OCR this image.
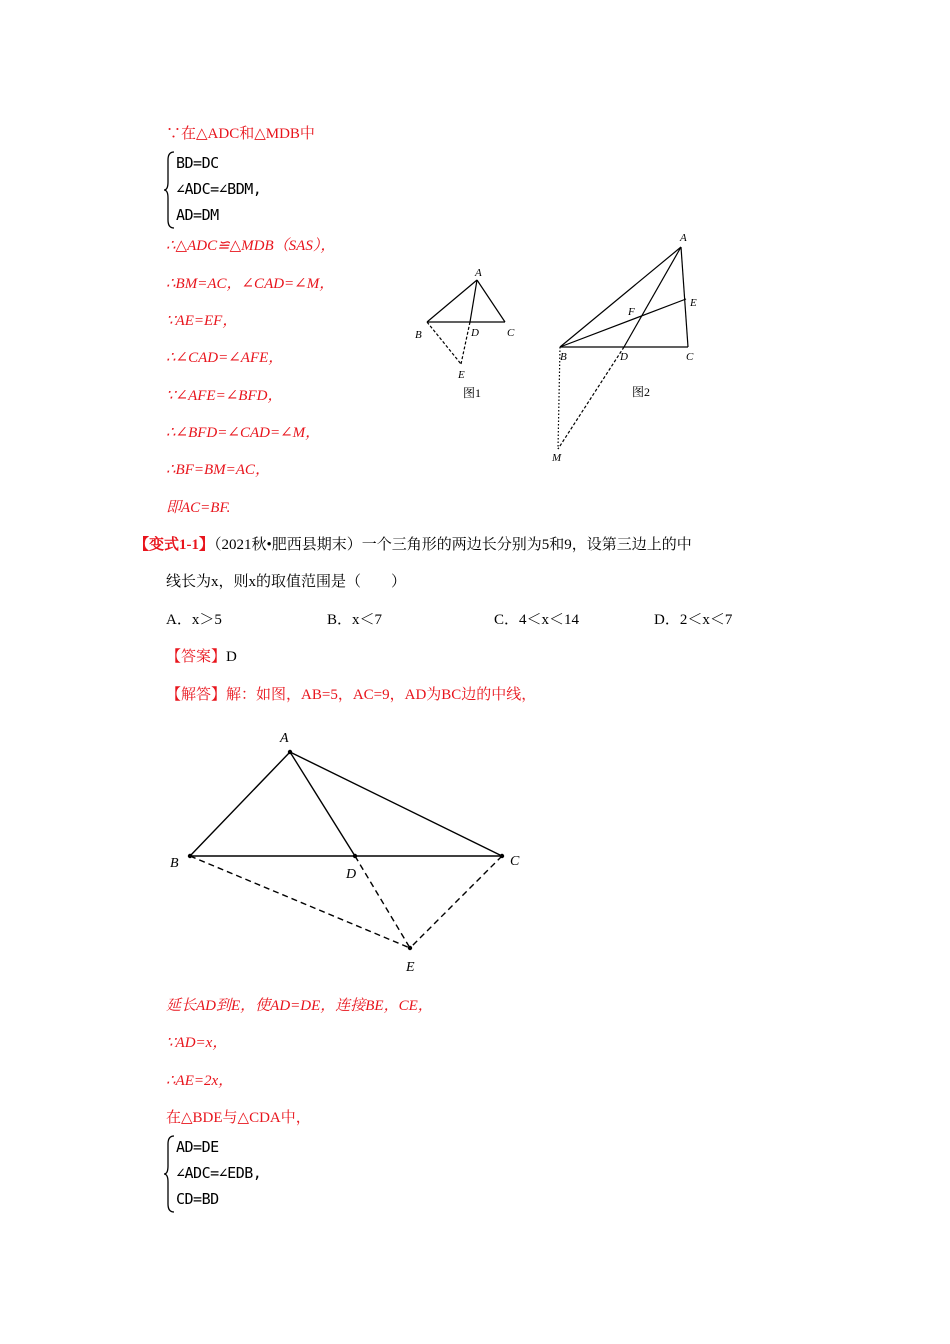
∵在△ADC和△MDB中
BD=DC
∠ADC=∠BDM,
AD=DM
∴△ADC≌△MDB（SAS），
∴BM=AC，∠CAD=∠M，
∵AE=EF，
∴∠CAD=∠AFE，
∵∠AFE=∠BFD，
∴∠BFD=∠CAD=∠M，
∴BF=BM=AC，
即AC=BF.
A
B	C
D
E
图1
A
B	C
D
E
F
M
图2
【变式1-1】（2021秋•肥西县期末）一个三角形的两边长分别为5和9，设第三边上的中
线长为x，则x的取值范围是（　　）
A．x＞5	B．x＜7	C．4＜x＜14	D．2＜x＜7
【答案】D
【解答】解：如图，AB=5，AC=9，AD为BC边的中线，
A
B	C
D
E
延长AD到E，使AD=DE，连接BE，CE，
∵AD=x，
∴AE=2x，
在△BDE与△CDA中，
AD=DE
∠ADC=∠EDB,
CD=BD
